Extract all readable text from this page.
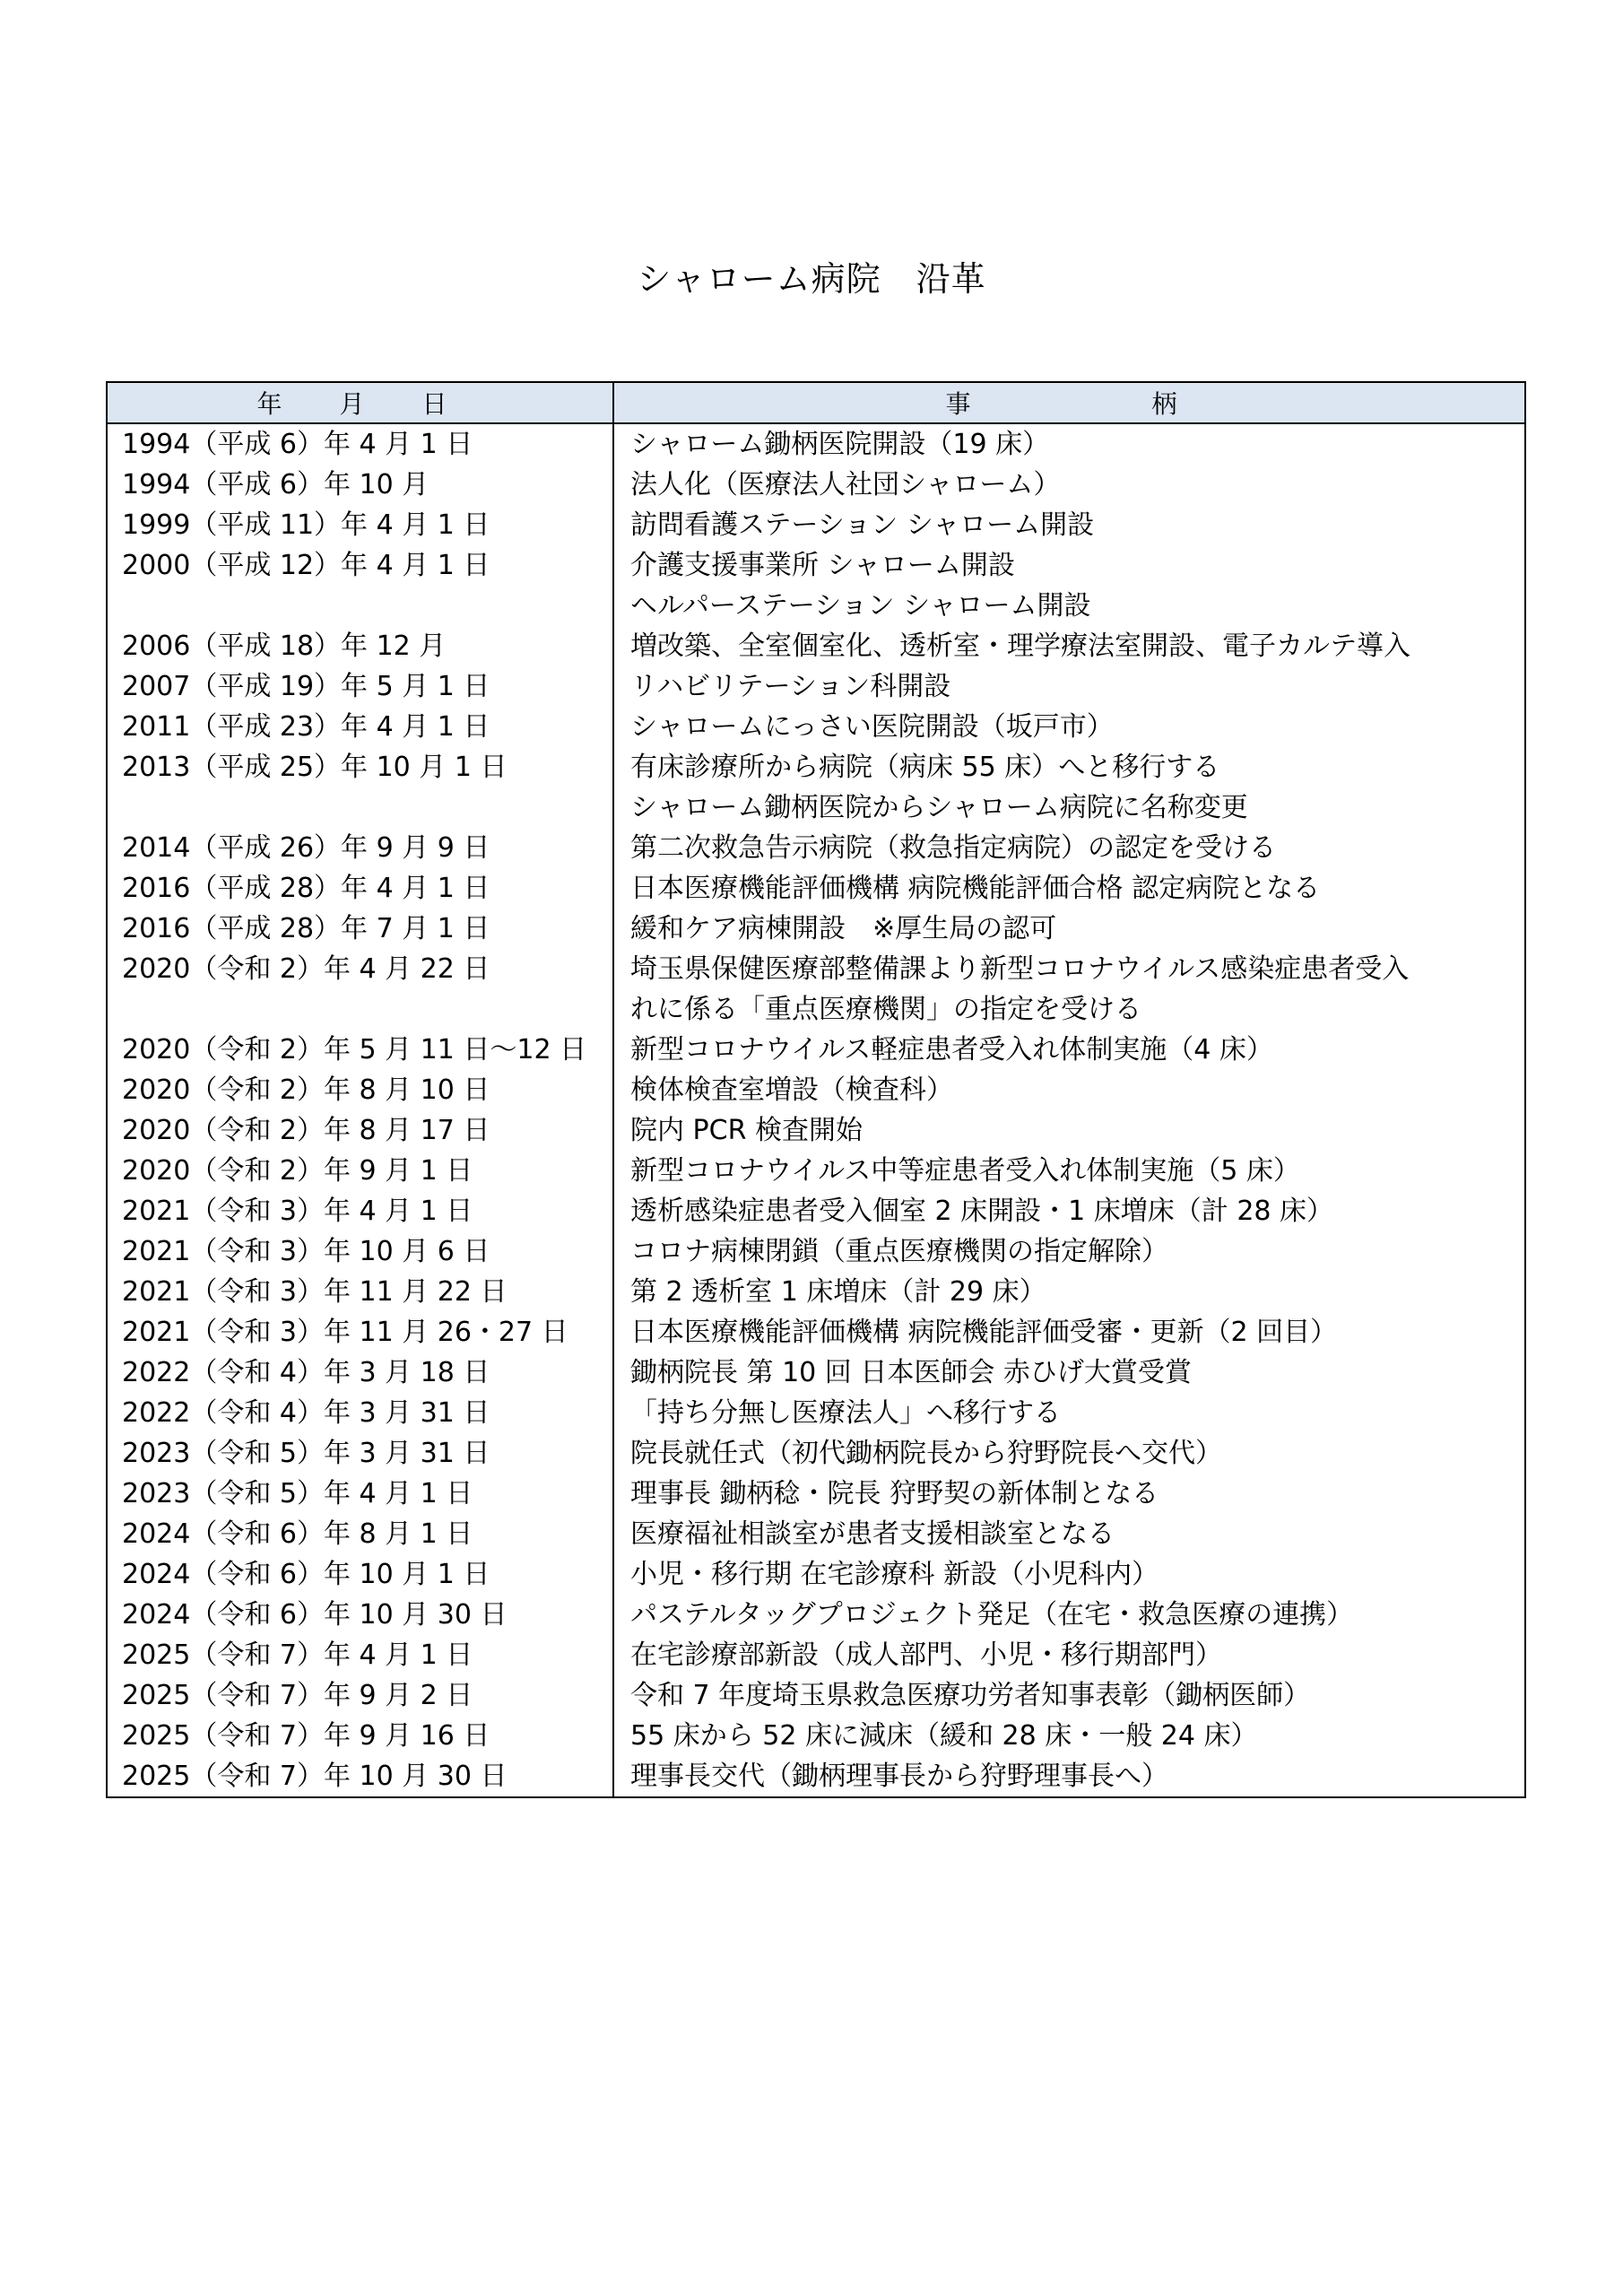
シャローム病院　沿革
年　月　日	事　　　　柄
1994（平成 6）年 4 月 1 日	シャローム鋤柄医院開設（19 床）
1994（平成 6）年 10 月	法人化（医療法人社団シャローム）
1999（平成 11）年 4 月 1 日	訪問看護ステーション シャローム開設
2000（平成 12）年 4 月 1 日	介護支援事業所 シャローム開設
	ヘルパーステーション シャローム開設
2006（平成 18）年 12 月	増改築、全室個室化、透析室・理学療法室開設、電子カルテ導入
2007（平成 19）年 5 月 1 日	リハビリテーション科開設
2011（平成 23）年 4 月 1 日	シャロームにっさい医院開設（坂戸市）
2013（平成 25）年 10 月 1 日	有床診療所から病院（病床 55 床）へと移行する
	シャローム鋤柄医院からシャローム病院に名称変更
2014（平成 26）年 9 月 9 日	第二次救急告示病院（救急指定病院）の認定を受ける
2016（平成 28）年 4 月 1 日	日本医療機能評価機構 病院機能評価合格 認定病院となる
2016（平成 28）年 7 月 1 日	緩和ケア病棟開設　※厚生局の認可
2020（令和 2）年 4 月 22 日	埼玉県保健医療部整備課より新型コロナウイルス感染症患者受入
	れに係る「重点医療機関」の指定を受ける
2020（令和 2）年 5 月 11 日～12 日	新型コロナウイルス軽症患者受入れ体制実施（4 床）
2020（令和 2）年 8 月 10 日	検体検査室増設（検査科）
2020（令和 2）年 8 月 17 日	院内 PCR 検査開始
2020（令和 2）年 9 月 1 日	新型コロナウイルス中等症患者受入れ体制実施（5 床）
2021（令和 3）年 4 月 1 日	透析感染症患者受入個室 2 床開設・1 床増床（計 28 床）
2021（令和 3）年 10 月 6 日	コロナ病棟閉鎖（重点医療機関の指定解除）
2021（令和 3）年 11 月 22 日	第 2 透析室 1 床増床（計 29 床）
2021（令和 3）年 11 月 26・27 日	日本医療機能評価機構 病院機能評価受審・更新（2 回目）
2022（令和 4）年 3 月 18 日	鋤柄院長 第 10 回 日本医師会 赤ひげ大賞受賞
2022（令和 4）年 3 月 31 日	「持ち分無し医療法人」へ移行する
2023（令和 5）年 3 月 31 日	院長就任式（初代鋤柄院長から狩野院長へ交代）
2023（令和 5）年 4 月 1 日	理事長 鋤柄稔・院長 狩野契の新体制となる
2024（令和 6）年 8 月 1 日	医療福祉相談室が患者支援相談室となる
2024（令和 6）年 10 月 1 日	小児・移行期 在宅診療科 新設（小児科内）
2024（令和 6）年 10 月 30 日	パステルタッグプロジェクト発足（在宅・救急医療の連携）
2025（令和 7）年 4 月 1 日	在宅診療部新設（成人部門、小児・移行期部門）
2025（令和 7）年 9 月 2 日	令和 7 年度埼玉県救急医療功労者知事表彰（鋤柄医師）
2025（令和 7）年 9 月 16 日	55 床から 52 床に減床（緩和 28 床・一般 24 床）
2025（令和 7）年 10 月 30 日	理事長交代（鋤柄理事長から狩野理事長へ）
